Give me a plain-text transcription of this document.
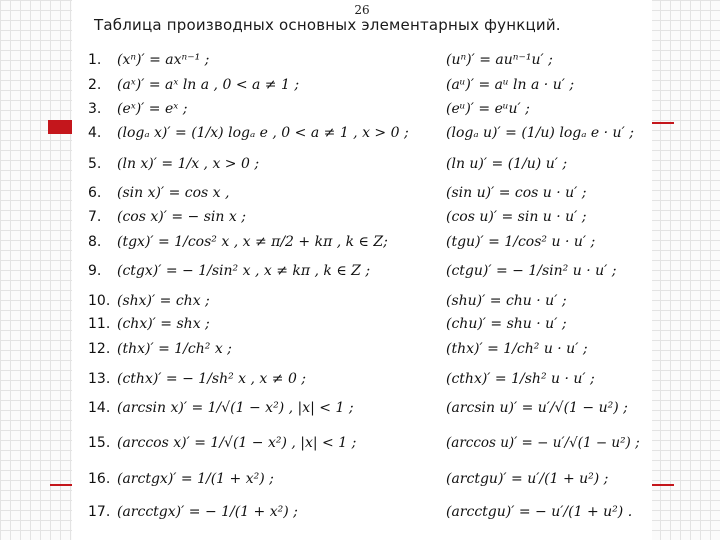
26
Таблица производных основных элементарных функций.
1. (xⁿ)′ = axⁿ⁻¹ ;	(uⁿ)′ = auⁿ⁻¹u′ ;
2. (aˣ)′ = aˣ ln a , 0 < a ≠ 1 ;	(aᵘ)′ = aᵘ ln a · u′ ;
3. (eˣ)′ = eˣ ;	(eᵘ)′ = eᵘu′ ;
4. (logₐ x)′ = (1/x) logₐ e , 0 < a ≠ 1 , x > 0 ;	(logₐ u)′ = (1/u) logₐ e · u′ ;
5. (ln x)′ = 1/x , x > 0 ;	(ln u)′ = (1/u) u′ ;
6. (sin x)′ = cos x ,	(sin u)′ = cos u · u′ ;
7. (cos x)′ = − sin x ;	(cos u)′ = sin u · u′ ;
8. (tgx)′ = 1/cos² x , x ≠ π/2 + kπ , k ∈ Z;	(tgu)′ = 1/cos² u · u′ ;
9. (ctgx)′ = − 1/sin² x , x ≠ kπ , k ∈ Z ;	(ctgu)′ = − 1/sin² u · u′ ;
10. (shx)′ = chx ;	(shu)′ = chu · u′ ;
11. (chx)′ = shx ;	(chu)′ = shu · u′ ;
12. (thx)′ = 1/ch² x ;	(thx)′ = 1/ch² u · u′ ;
13. (cthx)′ = − 1/sh² x , x ≠ 0 ;	(cthx)′ = 1/sh² u · u′ ;
14. (arcsin x)′ = 1/√(1 − x²) , |x| < 1 ;	(arcsin u)′ = u′/√(1 − u²) ;
15. (arccos x)′ = 1/√(1 − x²) , |x| < 1 ;	(arccos u)′ = − u′/√(1 − u²) ;
16. (arctgx)′ = 1/(1 + x²) ;	(arctgu)′ = u′/(1 + u²) ;
17. (arcctgx)′ = − 1/(1 + x²) ;	(arcctgu)′ = − u′/(1 + u²) .
